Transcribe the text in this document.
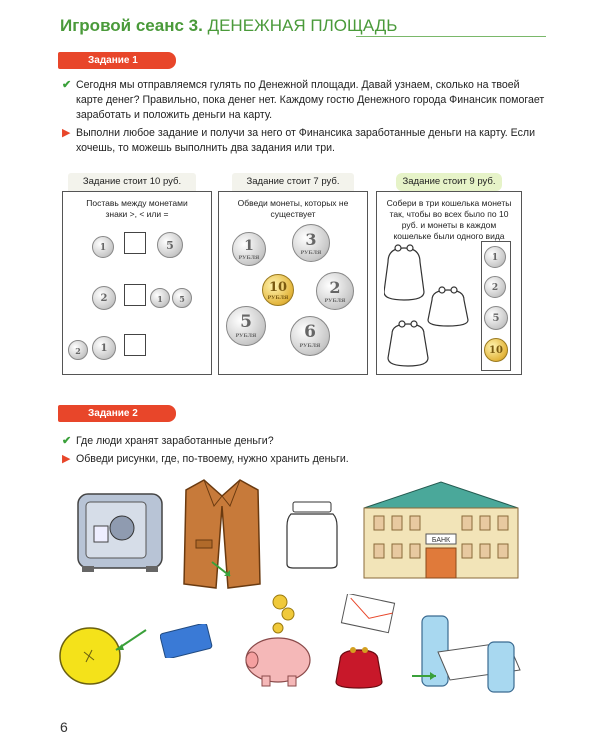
Игровой сеанс 3. ДЕНЕЖНАЯ ПЛОЩАДЬ
Задание 1
✔ Сегодня мы отправляемся гулять по Денежной площади. Давай узнаем, сколько на твоей карте денег? Правильно, пока денег нет. Каждому гостю Денежного города Финансик помогает заработать и положить деньги на карту.
▶ Выполни любое задание и получи за него от Финансика заработанные деньги на карту. Если хочешь, то можешь выполнить два задания или три.
Задание стоит 10 руб.
Поставь между монетами знаки >, < или =
1	5
2	1	5
2	1
Задание стоит 7 руб.
Обведи монеты, которых не существует
1
РУБЛЯ
3
РУБЛЯ
10
РУБЛЯ
2
РУБЛЯ
5
РУБЛЯ	6
РУБЛЯ
Задание стоит 9 руб.
Собери в три кошелька монеты так, чтобы во всех было по 10 руб. и монеты в каждом кошельке были одного вида
1
2
5
10
Задание 2
✔ Где люди хранят заработанные деньги?
▶ Обведи рисунки, где, по-твоему, нужно хранить деньги.
БАНК
6
